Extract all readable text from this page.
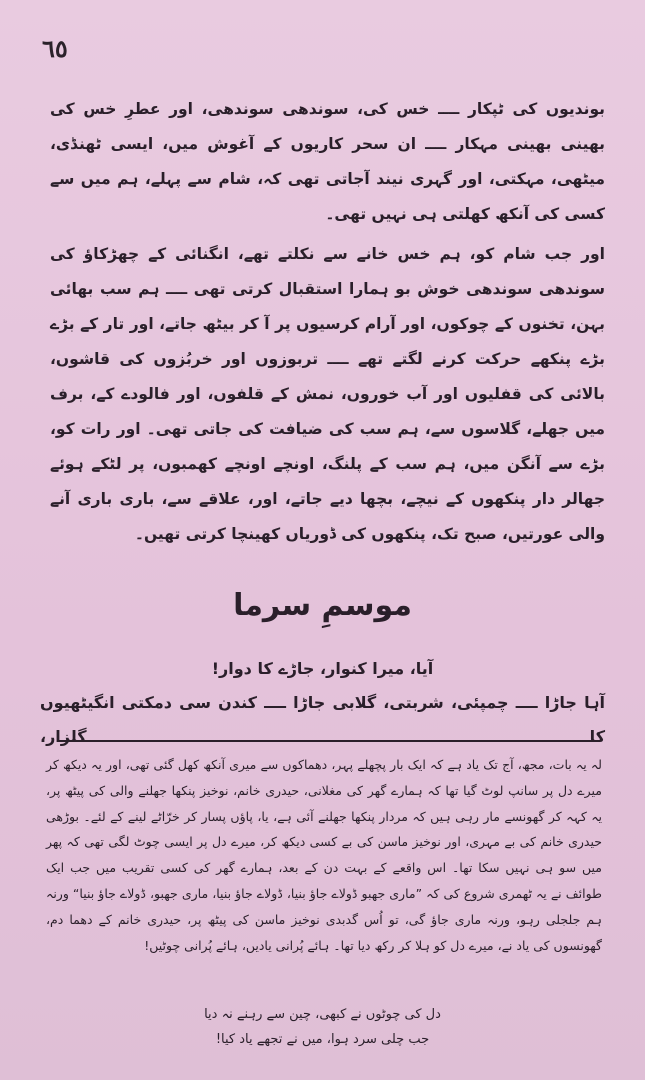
٦٥

بوندیوں کی ٹپکار ــــ خس کی، سوندھی سوندھی، اور عطرِ خس کی بھینی بھینی مہکار ــــ ان سحر کاریوں کے آغوش میں، ایسی ٹھنڈی، میٹھی، مہکتی، اور گہری نیند آجاتی تھی کہ، شام سے پہلے، ہم میں سے کسی کی آنکھ کھلتی ہی نہیں تھی۔

اور جب شام کو، ہم خس خانے سے نکلتے تھے، انگنائی کے چھڑکاؤ کی سوندھی سوندھی خوش بو ہمارا استقبال کرتی تھی ــــ ہم سب بھائی بہن، تخنوں کے چوکوں، اور آرام کرسیوں پر آ کر بیٹھ جاتے، اور تار کے بڑے بڑے پنکھے حرکت کرنے لگتے تھے ــــ تربوزوں اور خربُزوں کی قاشوں، بالائی کی قفلیوں اور آب خوروں، نمش کے قلفوں، اور فالودے کے، برف میں جھلے، گلاسوں سے، ہم سب کی ضیافت کی جاتی تھی۔ اور رات کو، بڑے سے آنگن میں، ہم سب کے پلنگ، اونچے اونچے کھمبوں، پر لٹکے ہوئے جھالر دار پنکھوں کے نیچے، بچھا دیے جاتے، اور، علاقے سے، باری باری آنے والی عورتیں، صبح تک، پنکھوں کی ڈوریاں کھینچا کرتی تھیں۔

موسمِ سرما
آیا، میرا کنوار، جاڑے کا دوار!
آہا جاڑا ــــ چمپئی، شربتی، گلابی جاڑا ــــ کندن سی دمکتی انگیٹھیوں کا گلزار،
لہ یہ بات، مجھ، آج تک یاد ہے کہ ایک بار پچھلے پہر، دھماکوں سے میری آنکھ کھل گئی تھی، اور یہ دیکھ کر میرے دل پر سانپ لوٹ گیا تھا کہ ہمارے گھر کی مغلانی، حیدری خانم، نوخیز پنکھا جھلنے والی کی پیٹھ پر، یہ کہہ کر گھونسے مار رہی ہیں کہ مردار پنکھا جھلنے آئی ہے، یا، پاؤں پسار کر خرّاٹے لینے کے لئے۔ بوڑھی حیدری خانم کی بے مہری، اور نوخیز ماسن کی بے کسی دیکھ کر، میرے دل پر ایسی چوٹ لگی تھی کہ پھر میں سو ہی نہیں سکا تھا۔ اس واقعے کے بہت دن کے بعد، ہمارے گھر کی کسی تقریب میں جب ایک طوائف نے یہ ٹھمری شروع کی کہ ”ماری جھبو ڈولاے جاؤ بنیا، ڈولاے جاؤ بنیا، ماری جھبو، ڈولاے جاؤ بنیا“ ورنہ ہم جلجلی رہو، ورنہ ماری جاؤ گی، تو اُس گدبدی نوخیز ماسن کی پیٹھ پر، حیدری خانم کے دھما دم، گھونسوں کی یاد نے، میرے دل کو ہلا کر رکھ دیا تھا۔ ہائے پُرانی یادیں، ہائے پُرانی چوٹیں!
دل کی چوٹوں نے کبھی، چین سے رہنے نہ دیا
جب چلی سرد ہوا، میں نے تجھے یاد کیا!
